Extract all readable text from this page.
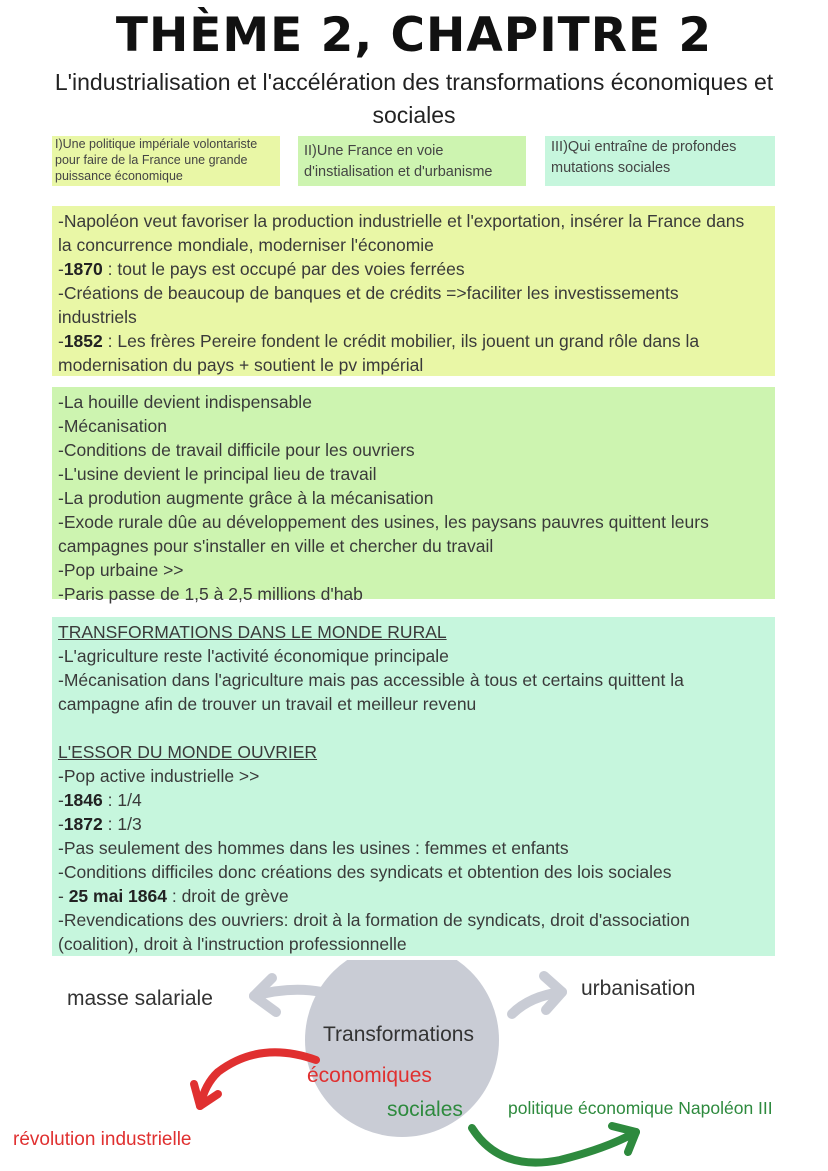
THÈME 2, CHAPITRE 2
L'industrialisation et l'accélération des transformations économiques et sociales
I)Une politique impériale volontariste pour faire de la France une grande puissance économique
II)Une France en voie d'instialisation et d'urbanisme
III)Qui entraîne de profondes mutations sociales
-Napoléon veut favoriser la production industrielle et l'exportation, insérer la France dans
la concurrence mondiale, moderniser l'économie
-1870 : tout le pays est occupé par des voies ferrées
-Créations de beaucoup de banques et de crédits =>faciliter les investissements
industriels
-1852 : Les frères Pereire fondent le crédit mobilier, ils jouent un grand rôle dans la
modernisation du pays + soutient le pv impérial
-La houille devient indispensable
-Mécanisation
-Conditions de travail difficile pour les ouvriers
-L'usine devient le principal lieu de travail
-La prodution augmente grâce à la mécanisation
-Exode rurale dûe au développement des usines, les paysans pauvres quittent leurs
campagnes pour s'installer en ville et chercher du travail
-Pop urbaine >>
-Paris passe de 1,5 à 2,5 millions d'hab
TRANSFORMATIONS DANS LE MONDE RURAL
-L'agriculture reste l'activité économique principale
-Mécanisation dans l'agriculture mais pas accessible à tous et certains quittent la
campagne afin de trouver un travail et meilleur revenu
L'ESSOR DU MONDE OUVRIER
-Pop active industrielle >>
-1846 : 1/4
-1872 : 1/3
-Pas seulement des hommes dans les usines : femmes et enfants
-Conditions difficiles donc créations des syndicats et obtention des lois sociales
- 25 mai 1864 : droit de grève
-Revendications des ouvriers: droit à la formation de syndicats, droit d'association
(coalition), droit à l'instruction professionnelle
Transformations
économiques
sociales
masse salariale	urbanisation
révolution industrielle
politique économique Napoléon III
